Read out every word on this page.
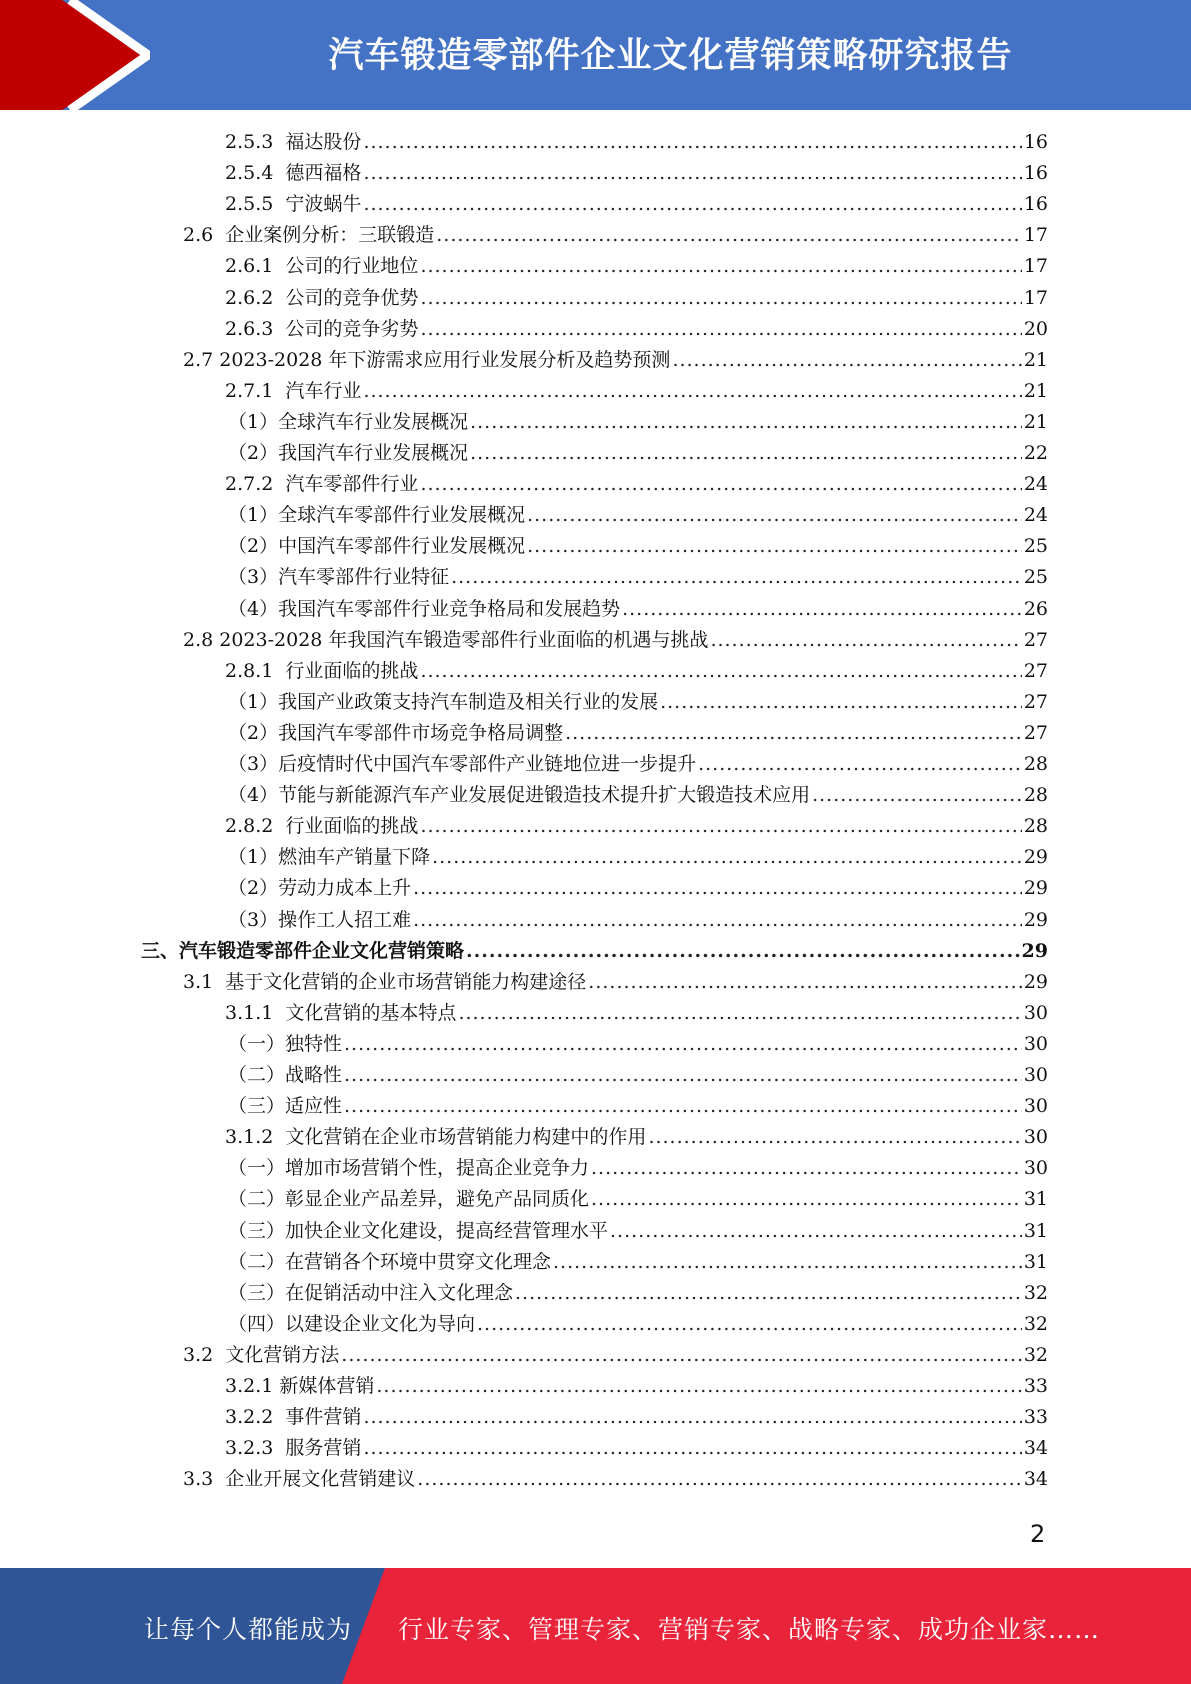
汽车锻造零部件企业文化营销策略研究报告
2.5.3  福达股份 .....	16
2.5.4  德西福格 .....	16
2.5.5  宁波蜗牛 .....	16
2.6  企业案例分析：三联锻造 .....	17
2.6.1  公司的行业地位 .....	17
2.6.2  公司的竞争优势 .....	17
2.6.3  公司的竞争劣势 .....	20
2.7 2023-2028 年下游需求应用行业发展分析及趋势预测 .....	21
2.7.1  汽车行业 .....	21
（1）全球汽车行业发展概况 .....	21
（2）我国汽车行业发展概况 .....	22
2.7.2  汽车零部件行业 .....	24
（1）全球汽车零部件行业发展概况 .....	24
（2）中国汽车零部件行业发展概况 .....	25
（3）汽车零部件行业特征 .....	25
（4）我国汽车零部件行业竞争格局和发展趋势 .....	26
2.8 2023-2028 年我国汽车锻造零部件行业面临的机遇与挑战 .....	27
2.8.1  行业面临的挑战 .....	27
（1）我国产业政策支持汽车制造及相关行业的发展 .....	27
（2）我国汽车零部件市场竞争格局调整 .....	27
（3）后疫情时代中国汽车零部件产业链地位进一步提升 .....	28
（4）节能与新能源汽车产业发展促进锻造技术提升扩大锻造技术应用 .....	28
2.8.2  行业面临的挑战 .....	28
（1）燃油车产销量下降 .....	29
（2）劳动力成本上升 .....	29
（3）操作工人招工难 .....	29
三、汽车锻造零部件企业文化营销策略 .....	29
3.1  基于文化营销的企业市场营销能力构建途径 .....	29
3.1.1  文化营销的基本特点 .....	30
（一）独特性 .....	30
（二）战略性 .....	30
（三）适应性 .....	30
3.1.2  文化营销在企业市场营销能力构建中的作用 .....	30
（一）增加市场营销个性，提高企业竞争力 .....	30
（二）彰显企业产品差异，避免产品同质化 .....	31
（三）加快企业文化建设，提高经营管理水平 .....	31
（二）在营销各个环境中贯穿文化理念 .....	31
（三）在促销活动中注入文化理念 .....	32
（四）以建设企业文化为导向 .....	32
3.2  文化营销方法 .....	32
3.2.1 新媒体营销 .....	33
3.2.2  事件营销 .....	33
3.2.3  服务营销 .....	34
3.3  企业开展文化营销建议 .....	34
2
让每个人都能成为 行业专家、管理专家、营销专家、战略专家、成功企业家……
